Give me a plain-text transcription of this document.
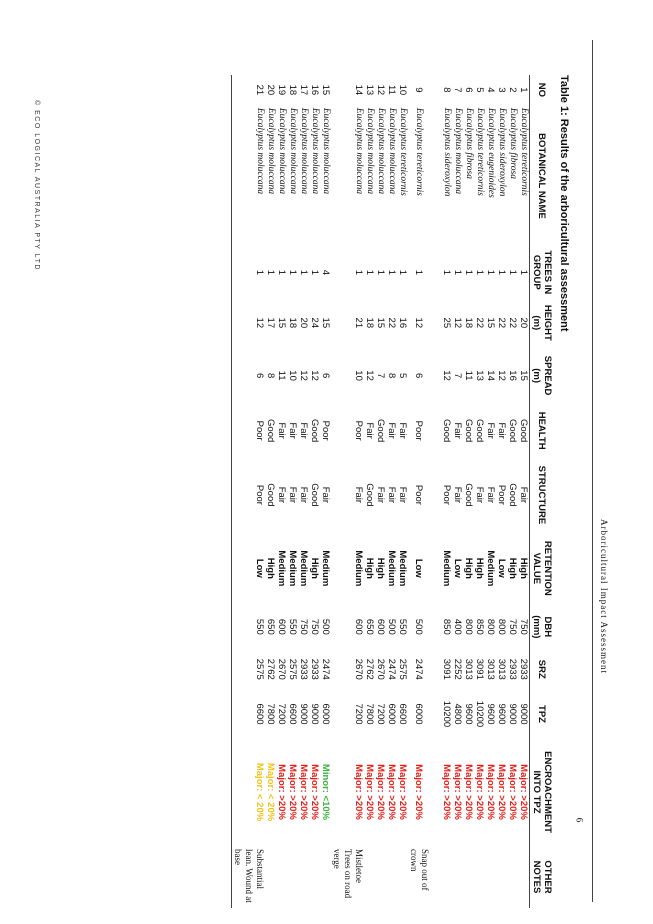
Arboricultural Impact Assessment
6
© ECO LOGICAL AUSTRALIA PTY LTD	Table 1: Results of the arboricultural assessment
NO	BOTANICAL NAME	TREES IN GROUP	HEIGHT (m)	SPREAD (m)	HEALTH	STRUCTURE	RETENTION VALUE	DBH (mm)	SRZ	TPZ	ENCROACHMENT INTO TPZ	OTHER NOTES
1	Eucalyptus tereticornis	1	20	15	Good	Fair	High	750	2933	9000	Major: >20%	
2	Eucalyptus fibrosa	1	22	16	Good	Good	High	750	2933	9000	Major: >20%	
3	Eucalyptus sideroxylon	1	22	12	Fair	Poor	Low	800	3013	9600	Major: >20%	
4	Eucalyptus eugenioides	1	15	14	Fair	Fair	Medium	800	3013	9600	Major: >20%	
5	Eucalyptus tereticornis	1	22	13	Good	Fair	High	850	3091	10200	Major: >20%	
6	Eucalyptus fibrosa	1	18	11	Good	Good	High	800	3013	9600	Major: >20%	
7	Eucalyptus moluccana	1	12	7	Fair	Fair	Low	400	2252	4800	Major: >20%	
8	Eucalyptus sideroxylon	1	25	12	Good	Poor	Medium	850	3091	10200	Major: >20%	

9	Eucalyptus tereticornis	1	12	6	Poor	Poor	Low	500	2474	6000	Major: >20%	Snap out of crown
10	Eucalyptus tereticornis	1	16	5	Fair	Fair	Medium	550	2575	6600	Major: >20%	
11	Eucalyptus moluccana	1	22	8	Fair	Fair	Medium	500	2474	6000	Major: >20%	
12	Eucalyptus moluccana	1	15	7	Good	Fair	High	600	2670	7200	Major: >20%	
13	Eucalyptus moluccana	1	18	12	Fair	Good	High	650	2762	7800	Major: >20%	
14	Eucalyptus moluccana	1	21	10	Poor	Fair	Medium	600	2670	7200	Major: >20%	Mistletoe
												Trees on road verge
15	Eucalyptus moluccana	4	15	6	Poor	Fair	Medium	500	2474	6000	Minor: <10%	
16	Eucalyptus moluccana	1	24	12	Good	Good	High	750	2933	9000	Major: >20%	
17	Eucalyptus moluccana	1	20	12	Fair	Fair	Medium	750	2933	9000	Major: >20%	
18	Eucalyptus moluccana	1	18	10	Fair	Fair	Medium	550	2575	6600	Major: >20%	
19	Eucalyptus moluccana	1	15	11	Fair	Fair	Medium	600	2670	7200	Major: >20%	
20	Eucalyptus moluccana	1	17	8	Good	Good	High	650	2762	7800	Major: < 20%	
21	Eucalyptus moluccana	1	12	6	Poor	Poor	Low	550	2575	6600	Major: < 20%	Substantial lean. Wound at base
